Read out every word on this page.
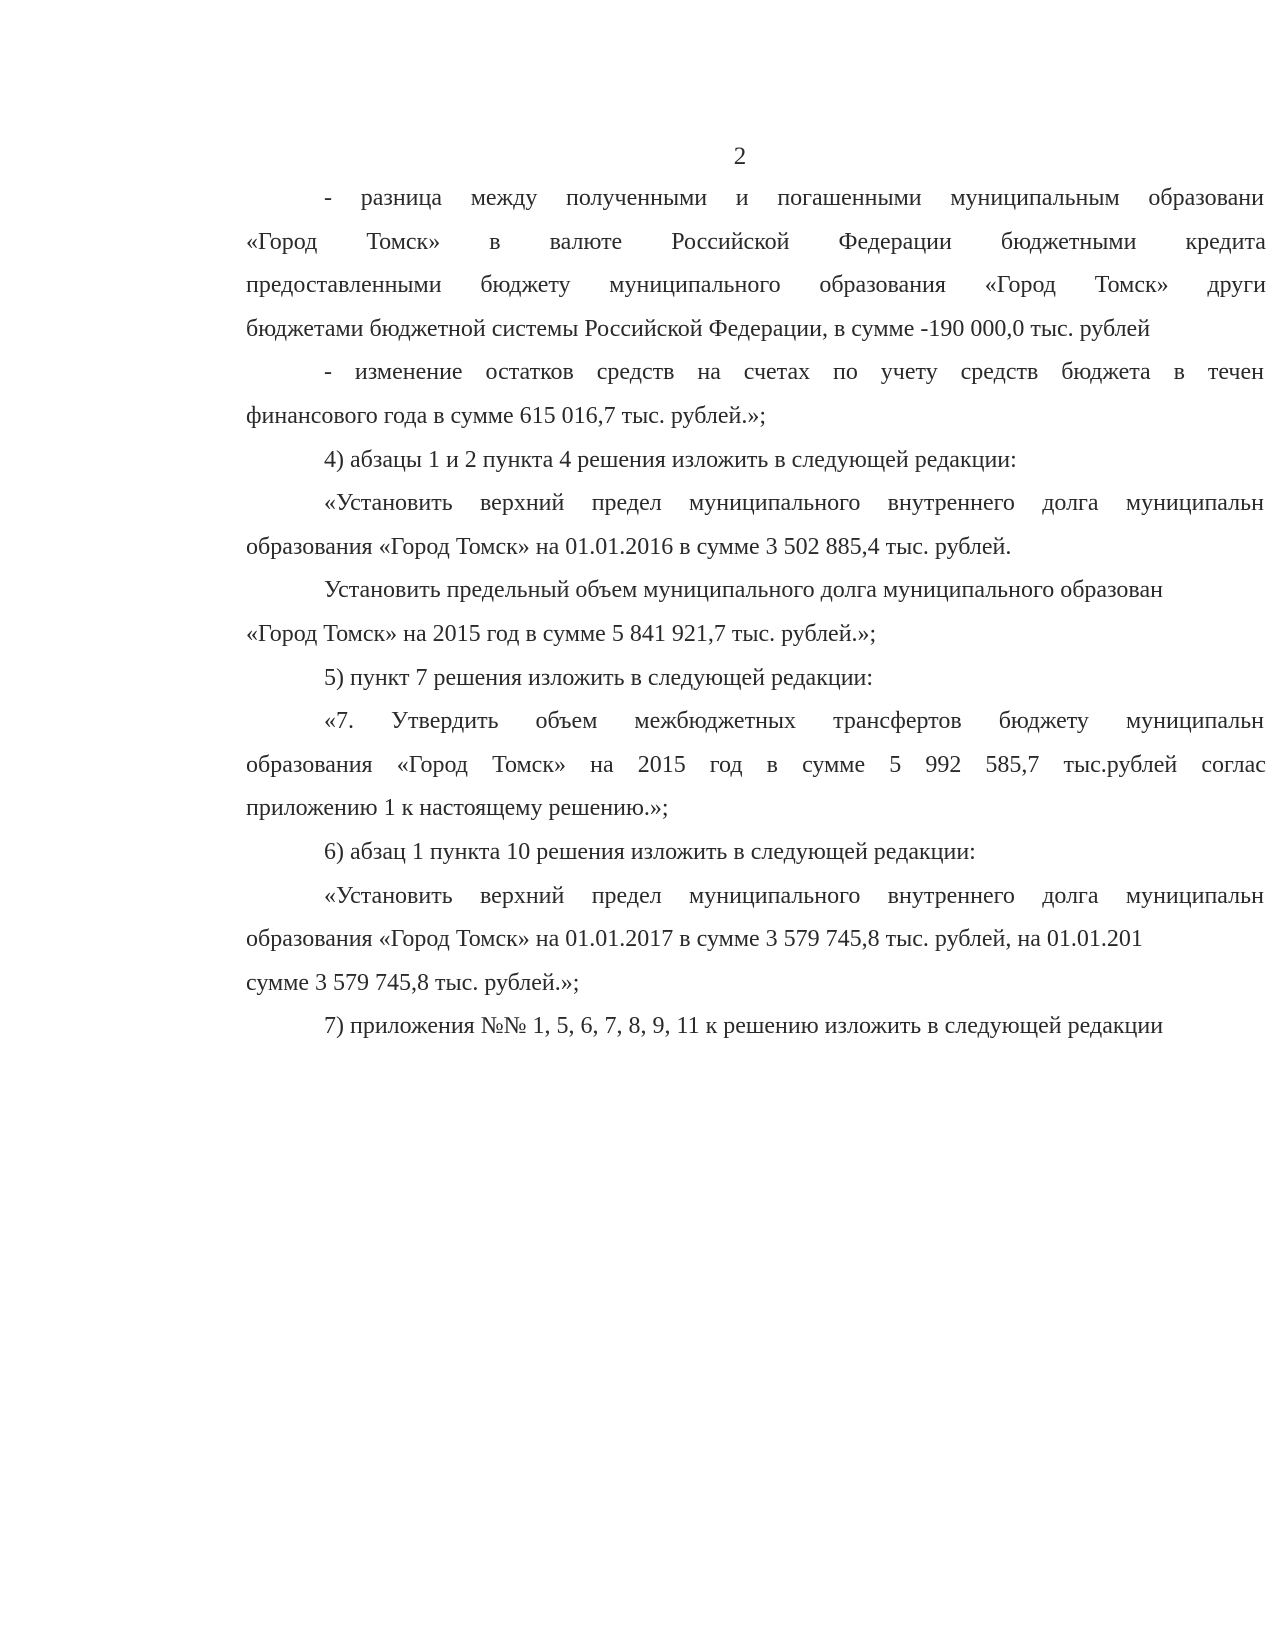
2
- разница между полученными и погашенными муниципальным образовани
«Город Томск» в валюте Российской Федерации бюджетными кредита
предоставленными бюджету муниципального образования «Город Томск» други
бюджетами бюджетной системы Российской Федерации, в сумме -190 000,0 тыс. рублей
- изменение остатков средств на счетах по учету средств бюджета в течен
финансового года в сумме 615 016,7 тыс. рублей.»;
4) абзацы 1 и 2 пункта 4 решения изложить в следующей редакции:
«Установить верхний предел муниципального внутреннего долга муниципальн
образования «Город Томск» на 01.01.2016 в сумме 3 502 885,4 тыс. рублей.
Установить предельный объем муниципального долга муниципального образован
«Город Томск» на 2015 год в сумме 5 841 921,7 тыс. рублей.»;
5) пункт 7 решения изложить в следующей редакции:
«7. Утвердить объем межбюджетных трансфертов бюджету муниципальн
образования «Город Томск» на 2015 год в сумме 5 992 585,7 тыс.рублей соглас
приложению 1 к настоящему решению.»;
6) абзац 1 пункта 10 решения изложить в следующей редакции:
«Установить верхний предел муниципального внутреннего долга муниципальн
образования «Город Томск» на 01.01.2017 в сумме 3 579 745,8 тыс. рублей, на 01.01.201
сумме 3 579 745,8 тыс. рублей.»;
7) приложения №№ 1, 5, 6, 7, 8, 9, 11 к решению изложить в следующей редакции
